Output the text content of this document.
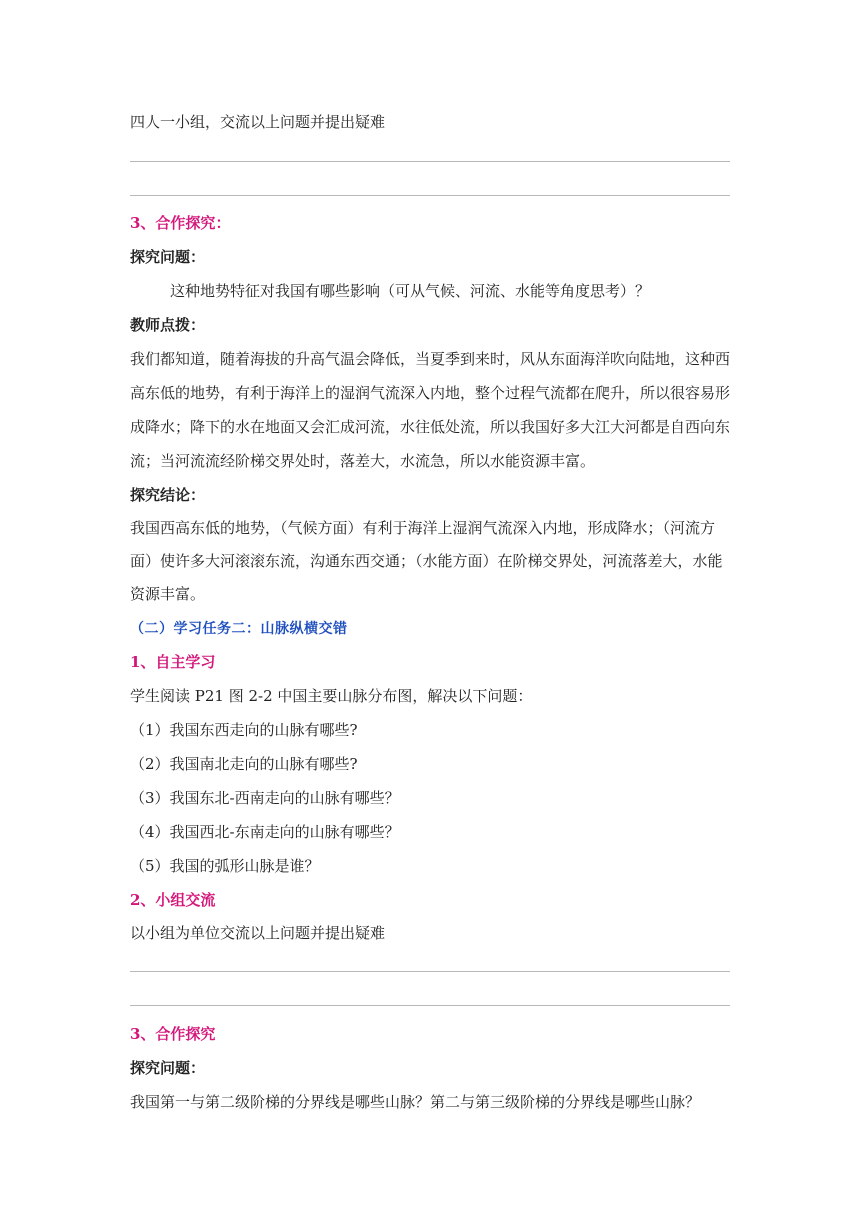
四人一小组，交流以上问题并提出疑难
3、合作探究：
探究问题：
这种地势特征对我国有哪些影响（可从气候、河流、水能等角度思考）？
教师点拨：
我们都知道，随着海拔的升高气温会降低，当夏季到来时，风从东面海洋吹向陆地，这种西
高东低的地势，有利于海洋上的湿润气流深入内地，整个过程气流都在爬升，所以很容易形
成降水；降下的水在地面又会汇成河流，水往低处流，所以我国好多大江大河都是自西向东
流；当河流流经阶梯交界处时，落差大，水流急，所以水能资源丰富。
探究结论：
我国西高东低的地势，（气候方面）有利于海洋上湿润气流深入内地，形成降水；（河流方
面）使许多大河滚滚东流，沟通东西交通；（水能方面）在阶梯交界处，河流落差大，水能
资源丰富。
（二）学习任务二：山脉纵横交错
1、自主学习
学生阅读 P21 图 2-2 中国主要山脉分布图，解决以下问题：
（1）我国东西走向的山脉有哪些?
（2）我国南北走向的山脉有哪些?
（3）我国东北-西南走向的山脉有哪些？
（4）我国西北-东南走向的山脉有哪些？
（5）我国的弧形山脉是谁？
2、小组交流
以小组为单位交流以上问题并提出疑难
3、合作探究
探究问题：
我国第一与第二级阶梯的分界线是哪些山脉？第二与第三级阶梯的分界线是哪些山脉？
